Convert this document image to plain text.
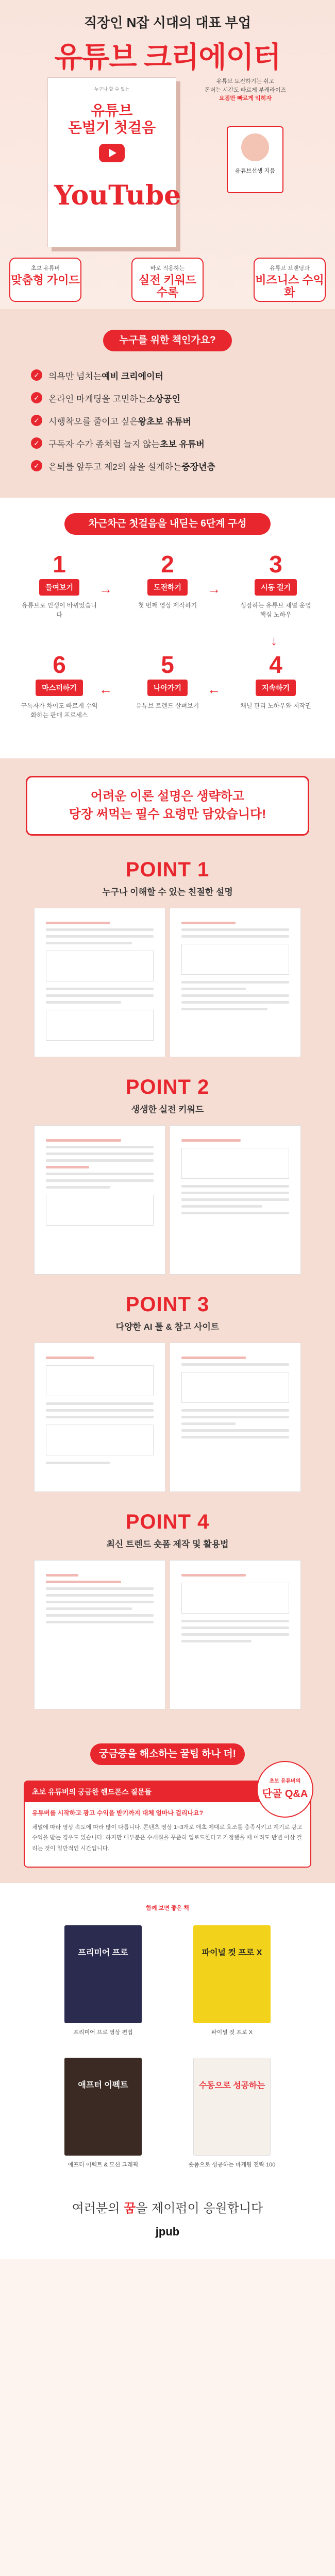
직장인 N잡 시대의 대표 부업
유튜브 크리에이터
누구나 할 수 있는
유튜브
돈벌기 첫걸음
YouTube
유튜브 도전하기는 쉬고
돈버는 시간도 빠르게 부캐라이즈
요점만 빠르게 익히자
유튜브선생 지음
초보 유튜버
맞춤형 가이드
바로 적용하는
실전 키워드 수록
유튜브 브랜딩과
비즈니스 수익화
누구를 위한 책인가요?
✓	의욕만 넘치는 예비 크리에이터
✓	온라인 마케팅을 고민하는 소상공인
✓	시행착오를 줄이고 싶은 왕초보 유튜버
✓	구독자 수가 좀처럼 늘지 않는 초보 유튜버
✓	은퇴를 앞두고 제2의 삶을 설계하는 중장년층
차근차근 첫걸음을 내딛는 6단계 구성
1
들여보기
유튜브로 인생이 바뀌었습니다
→
2
도전하기
첫 번째 영상 제작하기
→
3
시동 걸기
성장하는 유튜브 채널 운영 핵심 노하우
↓
4
지속하기
채널 관리 노하우와 저작권
←
5
나아가기
유튜브 트렌드 살펴보기
←
6
마스터하기
구독자가 차이도 빠르게 수익화하는 판매 프로세스
어려운 이론 설명은 생략하고
당장 써먹는 필수 요령만 담았습니다!
POINT 1
누구나 이해할 수 있는 친절한 설명
POINT 2
생생한 실전 키워드
POINT 3
다양한 AI 툴 & 참고 사이트
POINT 4
최신 트렌드 숏폼 제작 및 활용법
궁금증을 해소하는 꿀팁 하나 더!
초보 유튜버의 궁금한 핸드폰스 질문들
유튜버를 시작하고 광고 수익을 받기까지 대체 얼마나 걸리나요?
채널에 따라 영상 속도에 따라 많이 다릅니다. 콘텐츠 영상 1~3개로 애초 제대로 호조를 충족시키고 계기로 광고 수익을 받는 경우도 있습니다. 하지만 대부분은 수개월을 꾸준히 업로드한다고 가정했을 때 어려도 반년 이상 걸리는 것이 일반적인 시간입니다.
초보 유튜버의
단골 Q&A
함께 보면 좋은 책
프리미어 프로
프리미어 프로 영상 편집
파이널 컷 프로 X
파이널 컷 프로 X
애프터 이펙트
애프터 이펙트 & 모션 그래픽
수동으로 성공하는
숏폼으로 성공하는 마케팅 전략 100
여러분의 꿈을 제이펍이 응원합니다
jpub
